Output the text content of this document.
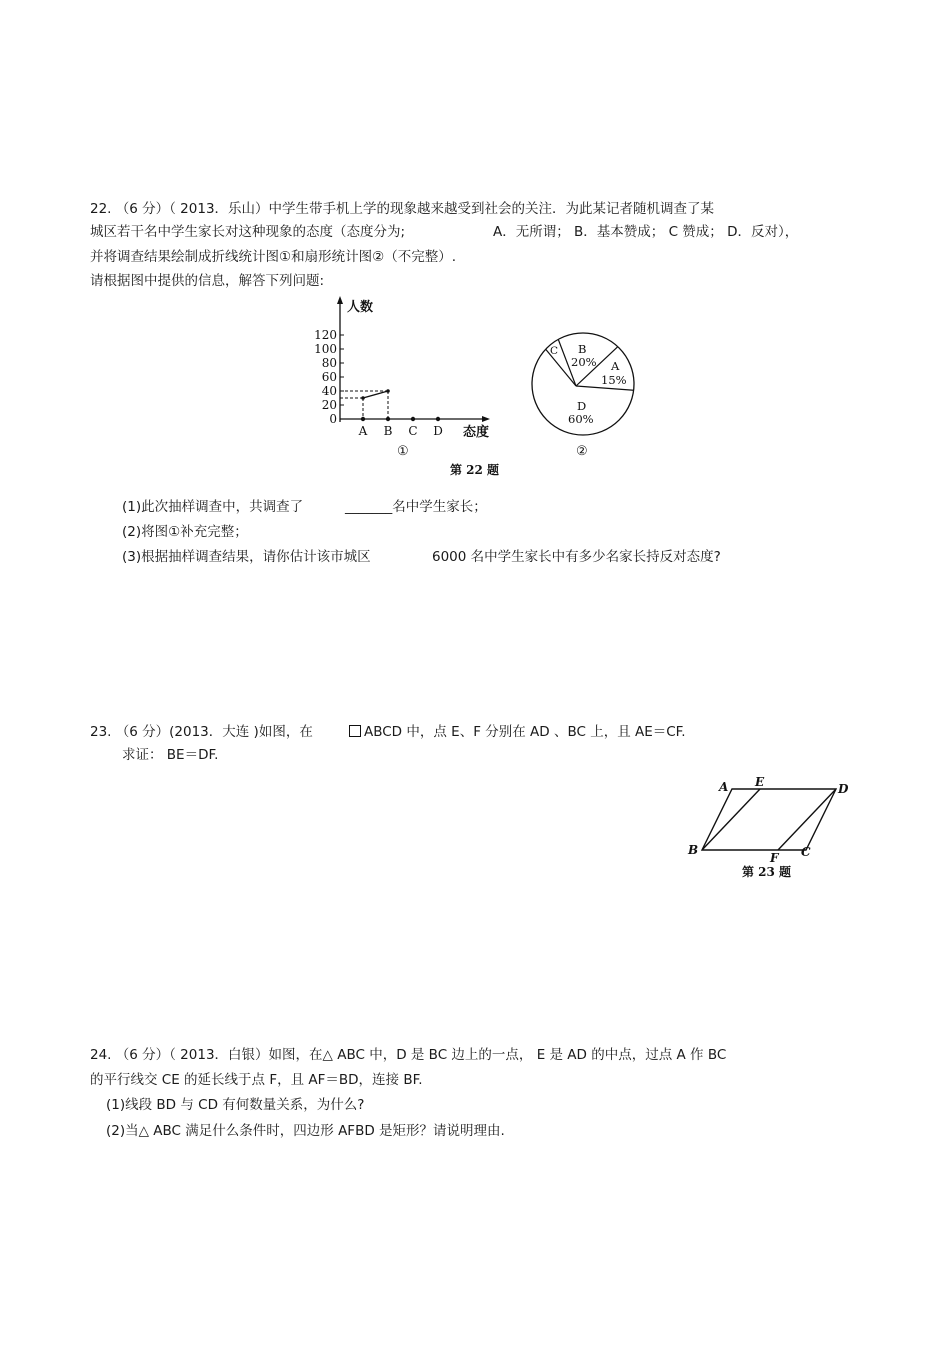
22. （6 分）（ 2013．乐山）中学生带手机上学的现象越来越受到社会的关注．为此某记者随机调查了某
城区若干名中学生家长对这种现象的态度（态度分为;	A．无所谓； B．基本赞成； C 赞成； D．反对），
并将调查结果绘制成折线统计图①和扇形统计图②（不完整）.
请根据图中提供的信息，解答下列问题:
人数
态度
0
20
40
60
80
100
120
A B C D
①
C B
20% A
15%
D
60%
②
第 22 题
(1)此次抽样调查中，共调查了	_______名中学生家长；
(2)将图①补充完整；
(3)根据抽样调查结果，请你估计该市城区	6000 名中学生家长中有多少名家长持反对态度?
23. （6 分）(2013．大连 )如图，在	ABCD 中，点 E、F 分别在 AD 、BC 上，且 AE＝CF.
求证： BE＝DF.
A E	D
B
F C
第 23 题
24. （6 分）（ 2013．白银）如图，在△ ABC 中，D 是 BC 边上的一点， E 是 AD 的中点，过点 A 作 BC
的平行线交 CE 的延长线于点 F，且 AF＝BD，连接 BF.
(1)线段 BD 与 CD 有何数量关系，为什么?
(2)当△ ABC 满足什么条件时，四边形 AFBD 是矩形？请说明理由.
